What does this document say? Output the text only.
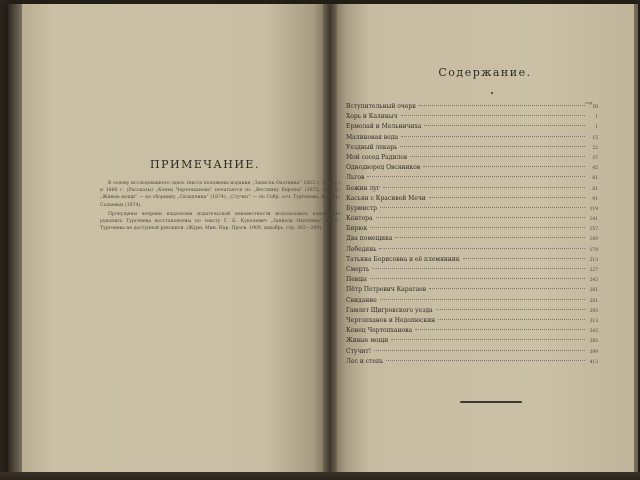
ПРИМЕЧАНИЕ.

В основу исследованного здесь текста положены издания „Записок Охотника“ 1852 г. (1 изд.) и 1860 г. (Рассказы) „Конец Чертопханова“ печатается по „Вестнику Европы“ (1872, № 11), „Живые мощи“ — по сборнику „Складчина“ (1874), „Стучит“ — по Собр. соч. Тургенева, изд. бр. Салаевых (1874).

Пропущены вопреки издателям издательской неизвестности использовать подлинную рукопись Тургенева восстановлены по тексту Г. Б. Куколевич „Записок Охотника“ И. С. Тургенева не доступной рукописи. (Журн. Мин. Нар. Просв. 1909, декабрь, стр. 262—289).

Содержание.
стр.
Вступительный очерк	III
Хорь и Калиныч	1
Ермолай и Мельничиха	1
Малиновая вода	15
Уездный лекарь	22
Мой сосед Радилов	37
Однодворец Овсяников	45
Льгов	61
Бежин луг	81
Касьян с Красивой Мечи	91
Бурмистр	119
Контора	141
Бирюк	157
Два помещика	169
Лебедянь	179
Татьяна Борисовна и её племянник	213
Смерть	227
Певцы	243
Пётр Петрович Каратаев	261
Свидание	281
Гамлет Щигровского уезда	293
Чертопханов и Недопюскин	313
Конец Чертопханова	343
Живые мощи	385
Стучит!	399
Лес и степь	413
